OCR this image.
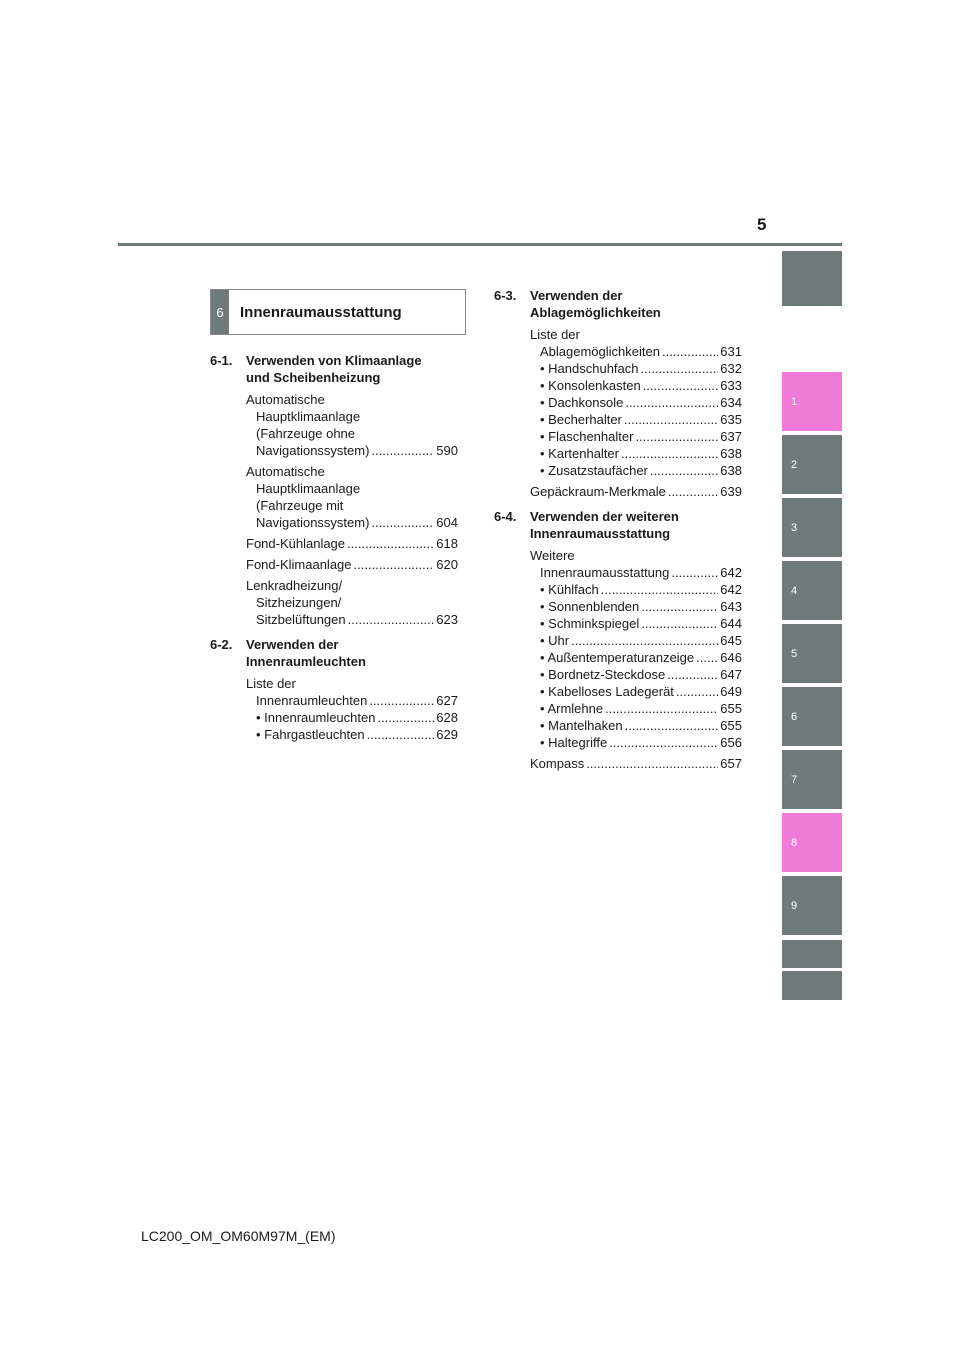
5
1
2
3
4
5
6
7
8
9
6	Innenraumausstattung
6-1. Verwenden von Klimaanlage
und Scheibenheizung
Automatische
Hauptklimaanlage
(Fahrzeuge ohne
Navigationssystem) .....	590
Automatische
Hauptklimaanlage
(Fahrzeuge mit
Navigationssystem) .....	604
Fond-Kühlanlage .....	618
Fond-Klimaanlage .....	620
Lenkradheizung/
Sitzheizungen/
Sitzbelüftungen .....	623
6-2. Verwenden der
Innenraumleuchten
Liste der
Innenraumleuchten .....	627
• Innenraumleuchten .....	628
• Fahrgastleuchten .....	629
6-3. Verwenden der
Ablagemöglichkeiten
Liste der
Ablagemöglichkeiten .....	631
• Handschuhfach .....	632
• Konsolenkasten .....	633
• Dachkonsole .....	634
• Becherhalter .....	635
• Flaschenhalter .....	637
• Kartenhalter .....	638
• Zusatzstaufächer .....	638
Gepäckraum-Merkmale .....	639
6-4. Verwenden der weiteren
Innenraumausstattung
Weitere
Innenraumausstattung .....	642
• Kühlfach .....	642
• Sonnenblenden .....	643
• Schminkspiegel .....	644
• Uhr .....	645
• Außentemperaturanzeige ..... 646
• Bordnetz-Steckdose .....	647
• Kabelloses Ladegerät .....	649
• Armlehne .....	655
• Mantelhaken .....	655
• Haltegriffe .....	656
Kompass .....	657
LC200_OM_OM60M97M_(EM)
